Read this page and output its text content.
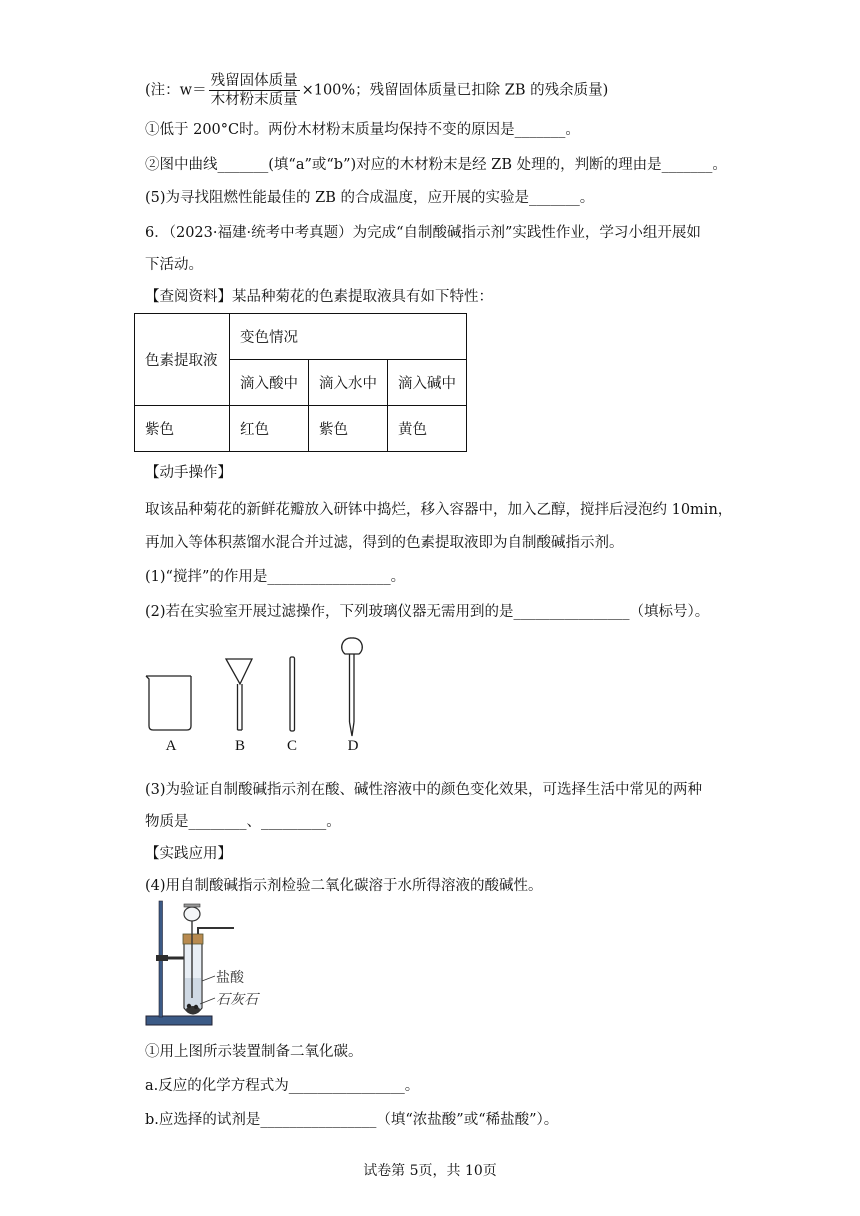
(注：$w= \frac{\text{残留固体质量}}{\text{木材粉末质量}} \times 100\%$；残留固体质量已扣除 ZB 的残余质量)
①低于 200°C时。两份木材粉末质量均保持不变的原因是_______。
②图中曲线_______(填“a”或“b”)对应的木材粉末是经 ZB 处理的，判断的理由是_______。
(5)为寻找阻燃性能最佳的 ZB 的合成温度，应开展的实验是_______。
6．（2023·福建·统考中考真题）为完成“自制酸碱指示剂”实践性作业，学习小组开展如
下活动。
【查阅资料】某品种菊花的色素提取液具有如下特性：
色素提取液	变色情况		
	滴入酸中	滴入水中	滴入碱中
紫色	红色	紫色	黄色
【动手操作】
取该品种菊花的新鲜花瓣放入研钵中捣烂，移入容器中，加入乙醇，搅拌后浸泡约 10min，
再加入等体积蒸馏水混合并过滤，得到的色素提取液即为自制酸碱指示剂。
(1)“搅拌”的作用是_________________。
(2)若在实验室开展过滤操作，下列玻璃仪器无需用到的是________________（填标号）。
A	B	C	D
(3)为验证自制酸碱指示剂在酸、碱性溶液中的颜色变化效果，可选择生活中常见的两种
物质是________、_________。
【实践应用】
(4)用自制酸碱指示剂检验二氧化碳溶于水所得溶液的酸碱性。
盐酸
石灰石
①用上图所示装置制备二氧化碳。
a.反应的化学方程式为________________。
b.应选择的试剂是________________（填“浓盐酸”或“稀盐酸”）。
试卷第 5页，共 10页
